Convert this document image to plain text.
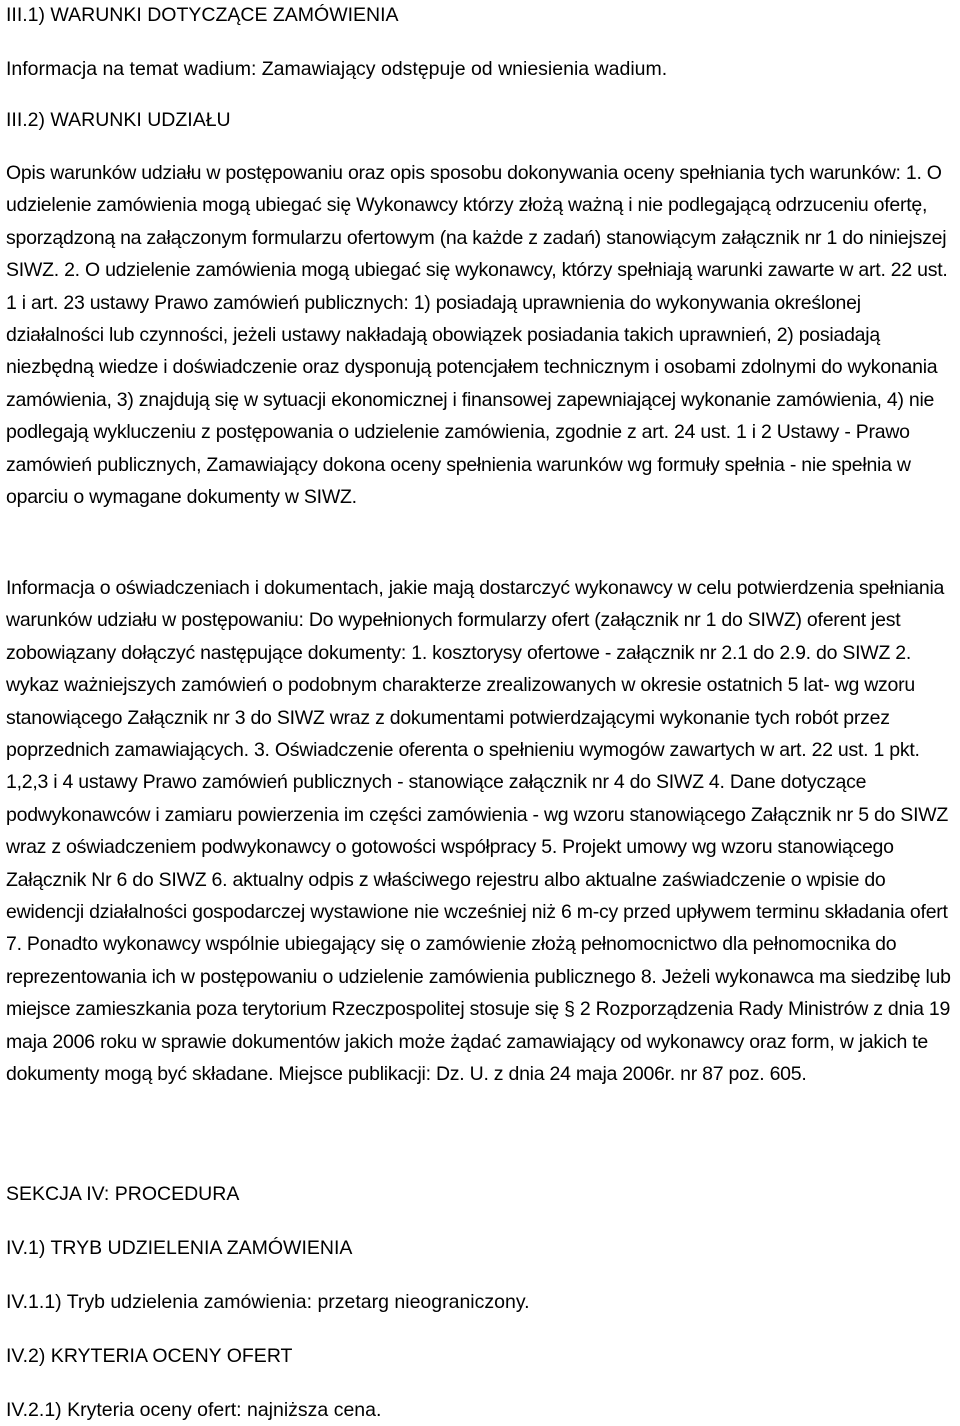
III.1) WARUNKI DOTYCZĄCE ZAMÓWIENIA

Informacja na temat wadium: Zamawiający odstępuje od wniesienia wadium.

III.2) WARUNKI UDZIAŁU

Opis warunków udziału w postępowaniu oraz opis sposobu dokonywania oceny spełniania tych warunków: 1. O udzielenie zamówienia mogą ubiegać się Wykonawcy którzy złożą ważną i nie podlegającą odrzuceniu ofertę, sporządzoną na załączonym formularzu ofertowym (na każde z zadań) stanowiącym załącznik nr 1 do niniejszej SIWZ. 2. O udzielenie zamówienia mogą ubiegać się wykonawcy, którzy spełniają warunki zawarte w art. 22 ust. 1 i art. 23 ustawy Prawo zamówień publicznych: 1) posiadają uprawnienia do wykonywania określonej działalności lub czynności, jeżeli ustawy nakładają obowiązek posiadania takich uprawnień, 2) posiadają niezbędną wiedze i doświadczenie oraz dysponują potencjałem technicznym i osobami zdolnymi do wykonania zamówienia, 3) znajdują się w sytuacji ekonomicznej i finansowej zapewniającej wykonanie zamówienia, 4) nie podlegają wykluczeniu z postępowania o udzielenie zamówienia, zgodnie z art. 24 ust. 1 i 2 Ustawy - Prawo zamówień publicznych, Zamawiający dokona oceny spełnienia warunków wg formuły spełnia - nie spełnia w oparciu o wymagane dokumenty w SIWZ.

Informacja o oświadczeniach i dokumentach, jakie mają dostarczyć wykonawcy w celu potwierdzenia spełniania warunków udziału w postępowaniu: Do wypełnionych formularzy ofert (załącznik nr 1 do SIWZ) oferent jest zobowiązany dołączyć następujące dokumenty: 1. kosztorysy ofertowe - załącznik nr 2.1 do 2.9. do SIWZ 2. wykaz ważniejszych zamówień o podobnym charakterze zrealizowanych w okresie ostatnich 5 lat- wg wzoru stanowiącego Załącznik nr 3 do SIWZ wraz z dokumentami potwierdzającymi wykonanie tych robót przez poprzednich zamawiających. 3. Oświadczenie oferenta o spełnieniu wymogów zawartych w art. 22 ust. 1 pkt. 1,2,3 i 4 ustawy Prawo zamówień publicznych - stanowiące załącznik nr 4 do SIWZ 4. Dane dotyczące podwykonawców i zamiaru powierzenia im części zamówienia - wg wzoru stanowiącego Załącznik nr 5 do SIWZ wraz z oświadczeniem podwykonawcy o gotowości współpracy 5. Projekt umowy wg wzoru stanowiącego Załącznik Nr 6 do SIWZ 6. aktualny odpis z właściwego rejestru albo aktualne zaświadczenie o wpisie do ewidencji działalności gospodarczej wystawione nie wcześniej niż 6 m-cy przed upływem terminu składania ofert 7. Ponadto wykonawcy wspólnie ubiegający się o zamówienie złożą pełnomocnictwo dla pełnomocnika do reprezentowania ich w postępowaniu o udzielenie zamówienia publicznego 8. Jeżeli wykonawca ma siedzibę lub miejsce zamieszkania poza terytorium Rzeczpospolitej stosuje się § 2 Rozporządzenia Rady Ministrów z dnia 19 maja 2006 roku w sprawie dokumentów jakich może żądać zamawiający od wykonawcy oraz form, w jakich te dokumenty mogą być składane. Miejsce publikacji: Dz. U. z dnia 24 maja 2006r. nr 87 poz. 605.

SEKCJA IV: PROCEDURA

IV.1) TRYB UDZIELENIA ZAMÓWIENIA

IV.1.1) Tryb udzielenia zamówienia: przetarg nieograniczony.

IV.2) KRYTERIA OCENY OFERT

IV.2.1) Kryteria oceny ofert: najniższa cena.
